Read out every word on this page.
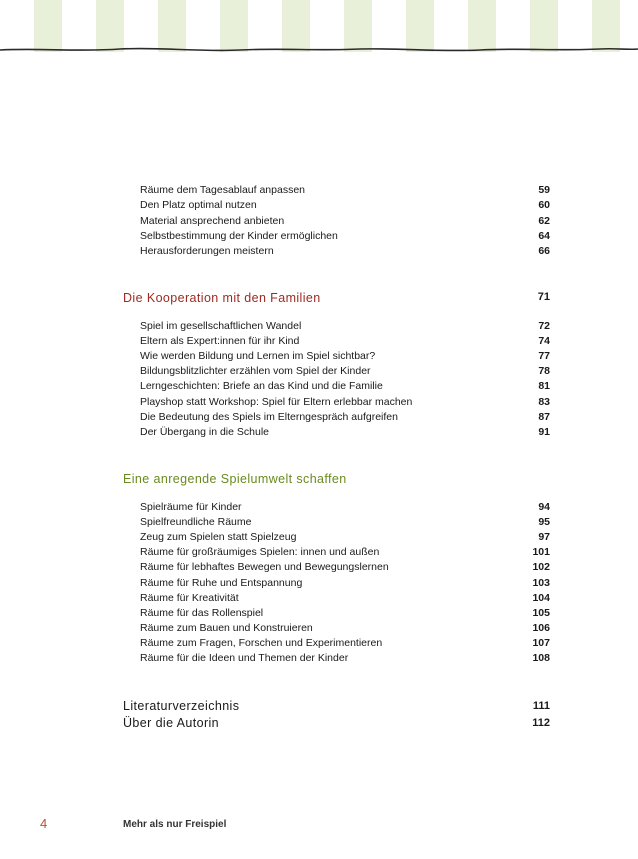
Räume dem Tagesablauf anpassen	59
Den Platz optimal nutzen	60
Material ansprechend anbieten	62
Selbstbestimmung der Kinder ermöglichen	64
Herausforderungen meistern	66
Die Kooperation mit den Familien	71
Spiel im gesellschaftlichen Wandel	72
Eltern als Expert:innen für ihr Kind	74
Wie werden Bildung und Lernen im Spiel sichtbar?	77
Bildungsblitzlichter erzählen vom Spiel der Kinder	78
Lerngeschichten: Briefe an das Kind und die Familie	81
Playshop statt Workshop: Spiel für Eltern erlebbar machen	83
Die Bedeutung des Spiels im Elterngespräch aufgreifen	87
Der Übergang in die Schule	91
Eine anregende Spielumwelt schaffen
Spielräume für Kinder	94
Spielfreundliche Räume	95
Zeug zum Spielen statt Spielzeug	97
Räume für großräumiges Spielen: innen und außen	101
Räume für lebhaftes Bewegen und Bewegungslernen	102
Räume für Ruhe und Entspannung	103
Räume für Kreativität	104
Räume für das Rollenspiel	105
Räume zum Bauen und Konstruieren	106
Räume zum Fragen, Forschen und Experimentieren	107
Räume für die Ideen und Themen der Kinder	108
Literaturverzeichnis	111
Über die Autorin	112
4	Mehr als nur Freispiel
